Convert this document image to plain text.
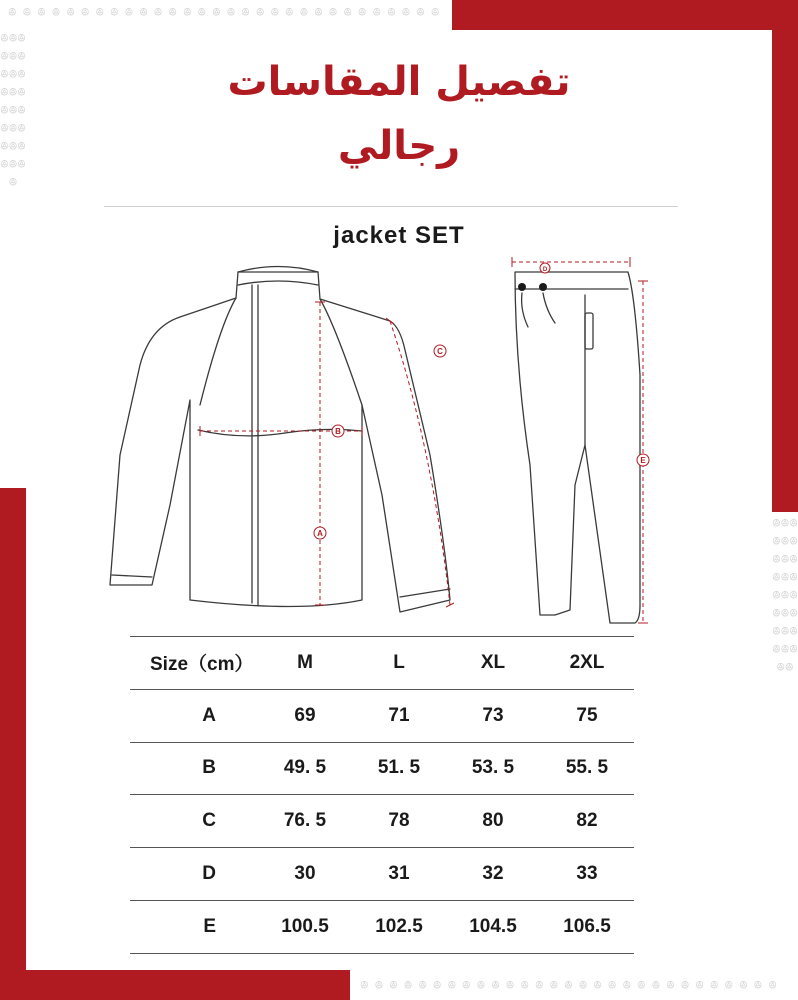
ꔮꔮꔮꔮꔮꔮꔮꔮꔮꔮꔮꔮꔮꔮꔮꔮꔮꔮꔮꔮꔮꔮꔮꔮꔮꔮꔮꔮꔮꔮ
ꔮꔮꔮꔮꔮꔮꔮꔮꔮꔮꔮꔮꔮꔮꔮꔮꔮꔮꔮꔮꔮꔮꔮꔮꔮ
ꔮꔮꔮꔮꔮꔮꔮꔮꔮꔮꔮꔮꔮꔮꔮꔮꔮꔮꔮꔮꔮꔮꔮꔮꔮꔮ
ꔮꔮꔮꔮꔮꔮꔮꔮꔮꔮꔮꔮꔮꔮꔮꔮꔮꔮꔮꔮꔮꔮꔮꔮꔮꔮꔮꔮꔮ
تفصيل المقاسات
رجالي
jacket SET
A
B
C
D
E
Size（cm）	M	L	XL	2XL
A	69	71	73	75
B	49. 5	51. 5	53. 5	55. 5
C	76. 5	78	80	82
D	30	31	32	33
E	100.5	102.5	104.5	106.5
